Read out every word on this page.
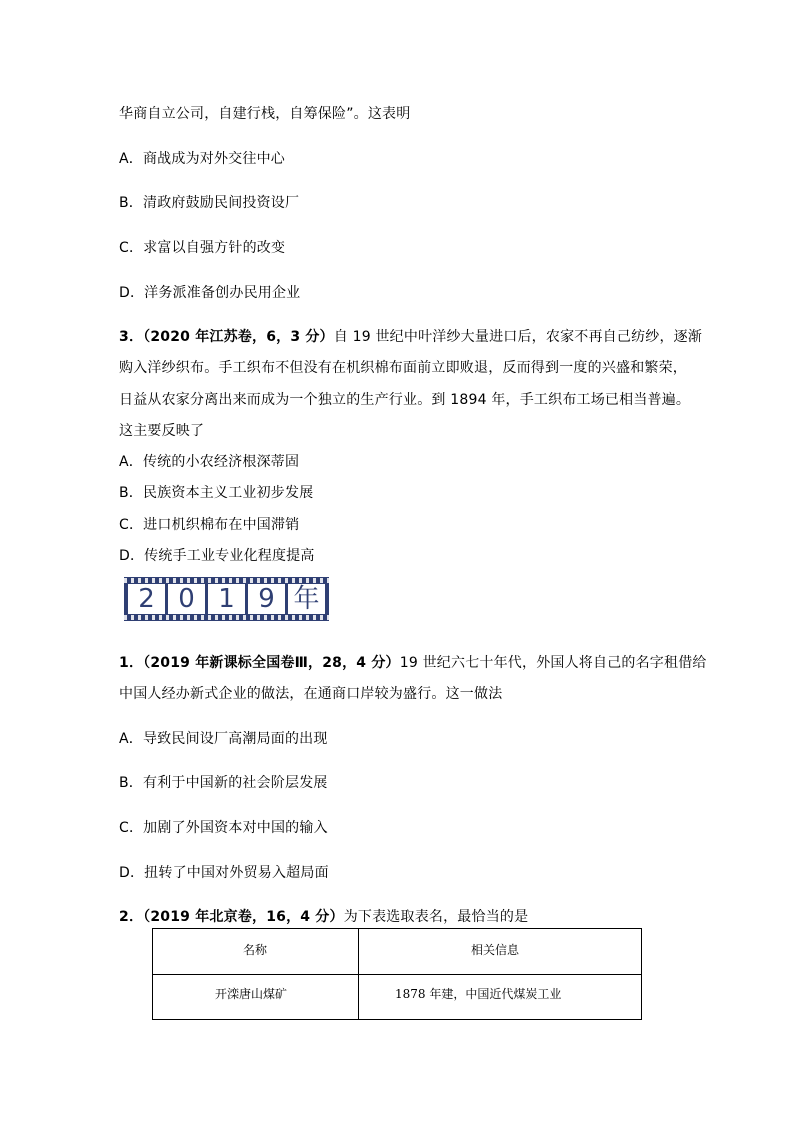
华商自立公司，自建行栈，自筹保险”。这表明
A．商战成为对外交往中心
B．清政府鼓励民间投资设厂
C．求富以自强方针的改变
D．洋务派准备创办民用企业
3．（2020 年江苏卷，6，3 分）自 19 世纪中叶洋纱大量进口后，农家不再自己纺纱，逐渐
购入洋纱织布。手工织布不但没有在机织棉布面前立即败退，反而得到一度的兴盛和繁荣，
日益从农家分离出来而成为一个独立的生产行业。到 1894 年，手工织布工场已相当普遍。
这主要反映了
A．传统的小农经济根深蒂固
B．民族资本主义工业初步发展
C．进口机织棉布在中国滞销
D．传统手工业专业化程度提高
2 0 1 9 年
1．（2019 年新课标全国卷Ⅲ，28，4 分）19 世纪六七十年代，外国人将自己的名字租借给
中国人经办新式企业的做法，在通商口岸较为盛行。这一做法
A．导致民间设厂高潮局面的出现
B．有利于中国新的社会阶层发展
C．加剧了外国资本对中国的输入
D．扭转了中国对外贸易入超局面
2．（2019 年北京卷，16，4 分）为下表选取表名，最恰当的是
名称	相关信息
开滦唐山煤矿	1878 年建，中国近代煤炭工业
